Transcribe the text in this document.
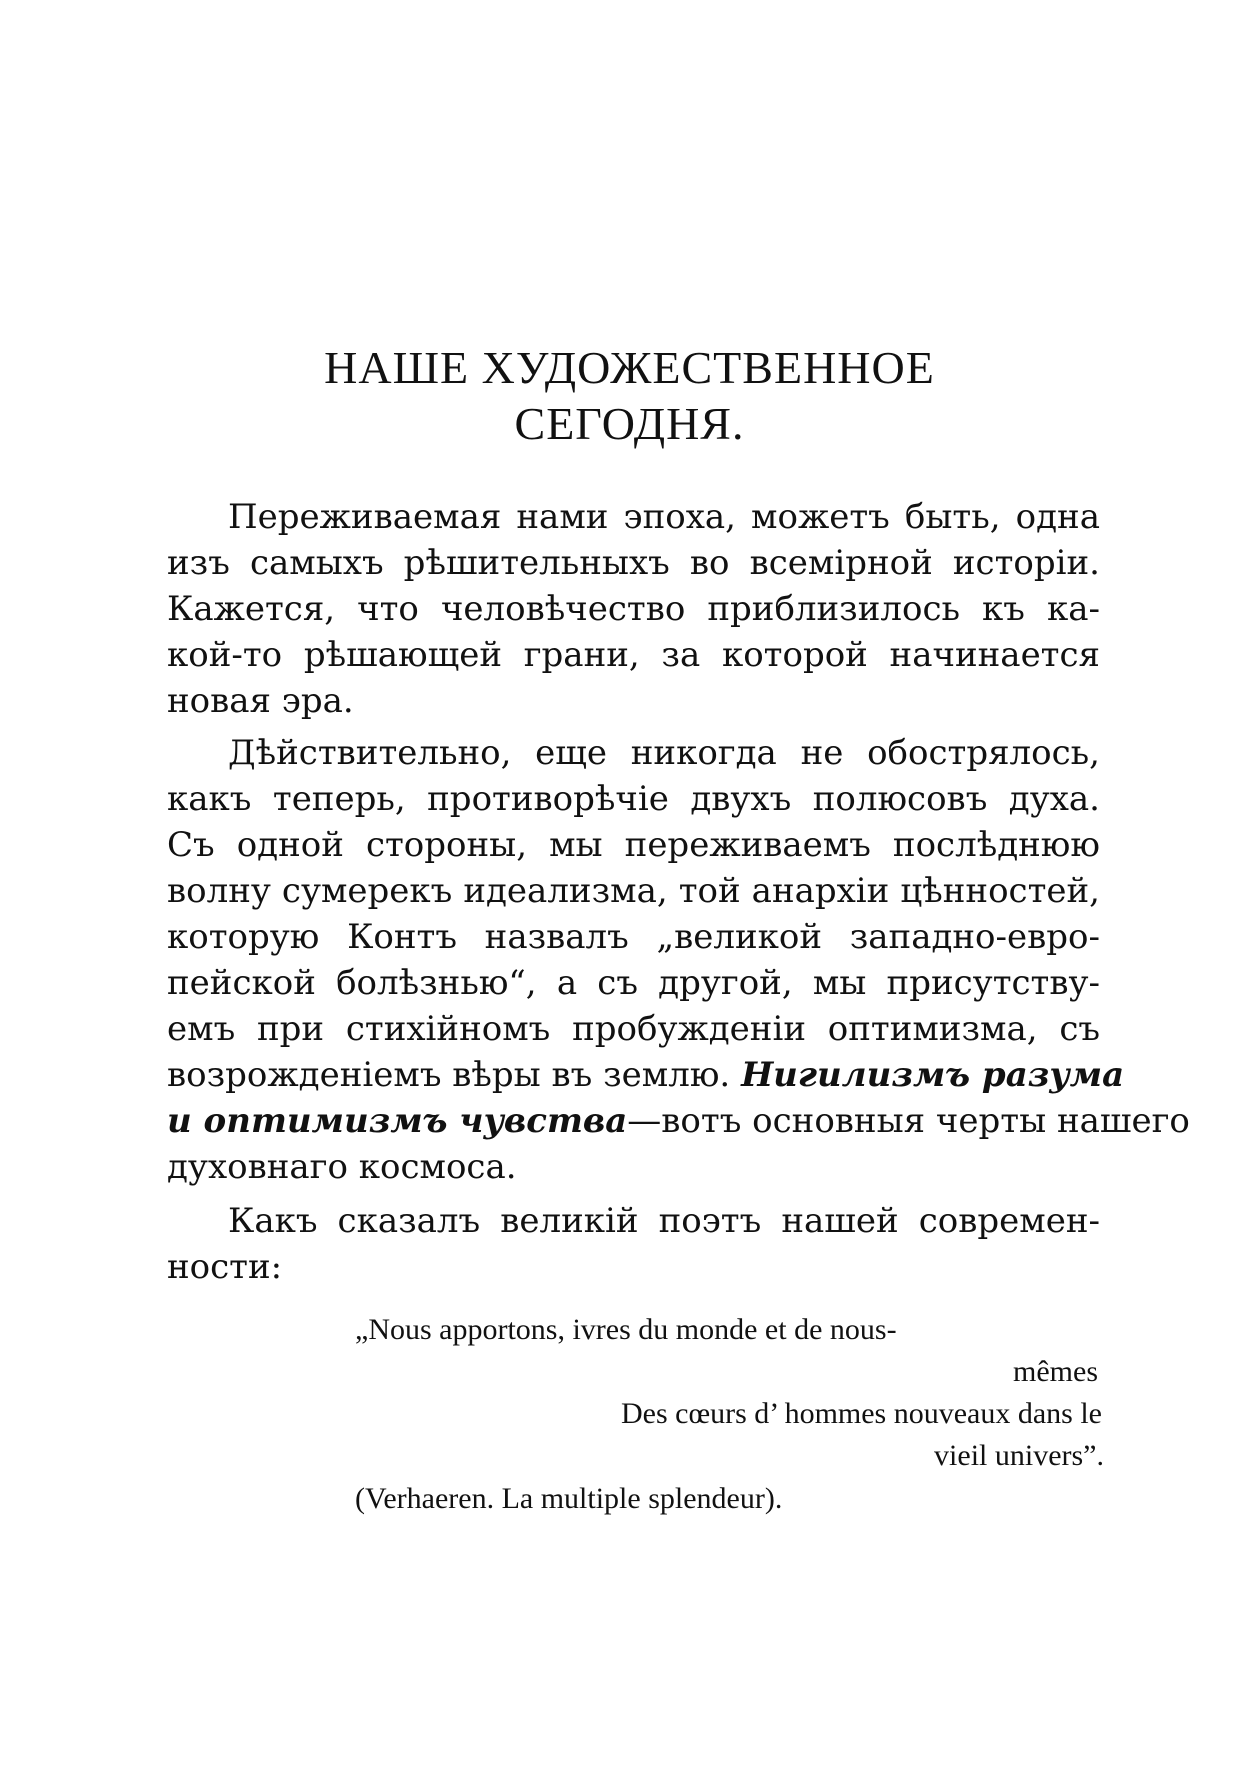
НАШЕ ХУДОЖЕСТВЕННОЕ
СЕГОДНЯ.
Переживаемая нами эпоха, можетъ быть, одна
изъ самыхъ рѣшительныхъ во всемірной исторіи.
Кажется, что человѣчество приблизилось къ ка-
кой-то рѣшающей грани, за которой начинается
новая эра.
Дѣйствительно, еще никогда не обострялось,
какъ теперь, противорѣчіе двухъ полюсовъ духа.
Съ одной стороны, мы переживаемъ послѣднюю
волну сумерекъ идеализма, той анархіи цѣнностей,
которую Контъ назвалъ „великой западно-евро-
пейской болѣзнью“, а съ другой, мы присутству-
емъ при стихійномъ пробужденіи оптимизма, съ
возрожденіемъ вѣры въ землю. Нигилизмъ разума
и оптимизмъ чувства—вотъ основныя черты нашего
духовнаго космоса.
Какъ сказалъ великій поэтъ нашей современ-
ности:
„Nous apportons, ivres du monde et de nous-
mêmes
Des cœurs d’ hommes nouveaux dans le
vieil univers”.
(Verhaeren. La multiple splendeur).
